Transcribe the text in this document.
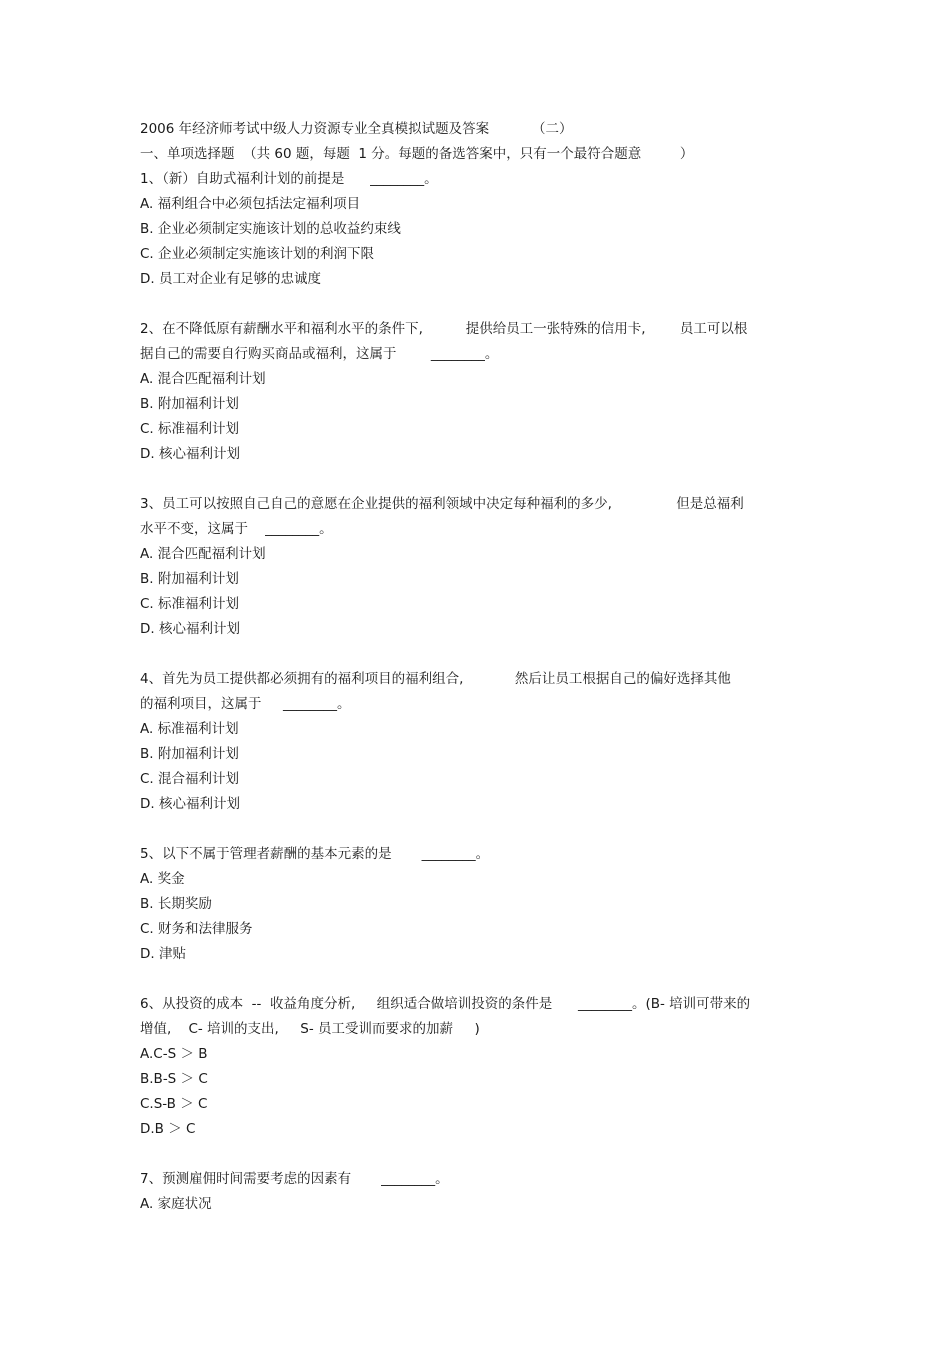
2006 年经济师考试中级人力资源专业全真模拟试题及答案          （二）
一、单项选择题  （共 60 题，每题  1 分。每题的备选答案中，只有一个最符合题意         ）
1、（新）自助式福利计划的前提是      ________。
A. 福利组合中必须包括法定福利项目
B. 企业必须制定实施该计划的总收益约束线
C. 企业必须制定实施该计划的利润下限
D. 员工对企业有足够的忠诚度
2、在不降低原有薪酬水平和福利水平的条件下,          提供给员工一张特殊的信用卡,        员工可以根
据自己的需要自行购买商品或福利，这属于        ________。
A. 混合匹配福利计划
B. 附加福利计划
C. 标准福利计划
D. 核心福利计划
3、员工可以按照自己自己的意愿在企业提供的福利领域中决定每种福利的多少,               但是总福利
水平不变，这属于    ________。
A. 混合匹配福利计划
B. 附加福利计划
C. 标准福利计划
D. 核心福利计划
4、首先为员工提供都必须拥有的福利项目的福利组合,            然后让员工根据自己的偏好选择其他
的福利项目，这属于     ________。
A. 标准福利计划
B. 附加福利计划
C. 混合福利计划
D. 核心福利计划
5、以下不属于管理者薪酬的基本元素的是       ________。
A. 奖金
B. 长期奖励
C. 财务和法律服务
D. 津贴
6、从投资的成本  --  收益角度分析,     组织适合做培训投资的条件是      ________。(B- 培训可带来的
增值,    C- 培训的支出,     S- 员工受训而要求的加薪     )
A.C-S ＞ B
B.B-S ＞ C
C.S-B ＞ C
D.B ＞ C
7、预测雇佣时间需要考虑的因素有       ________。
A. 家庭状况
